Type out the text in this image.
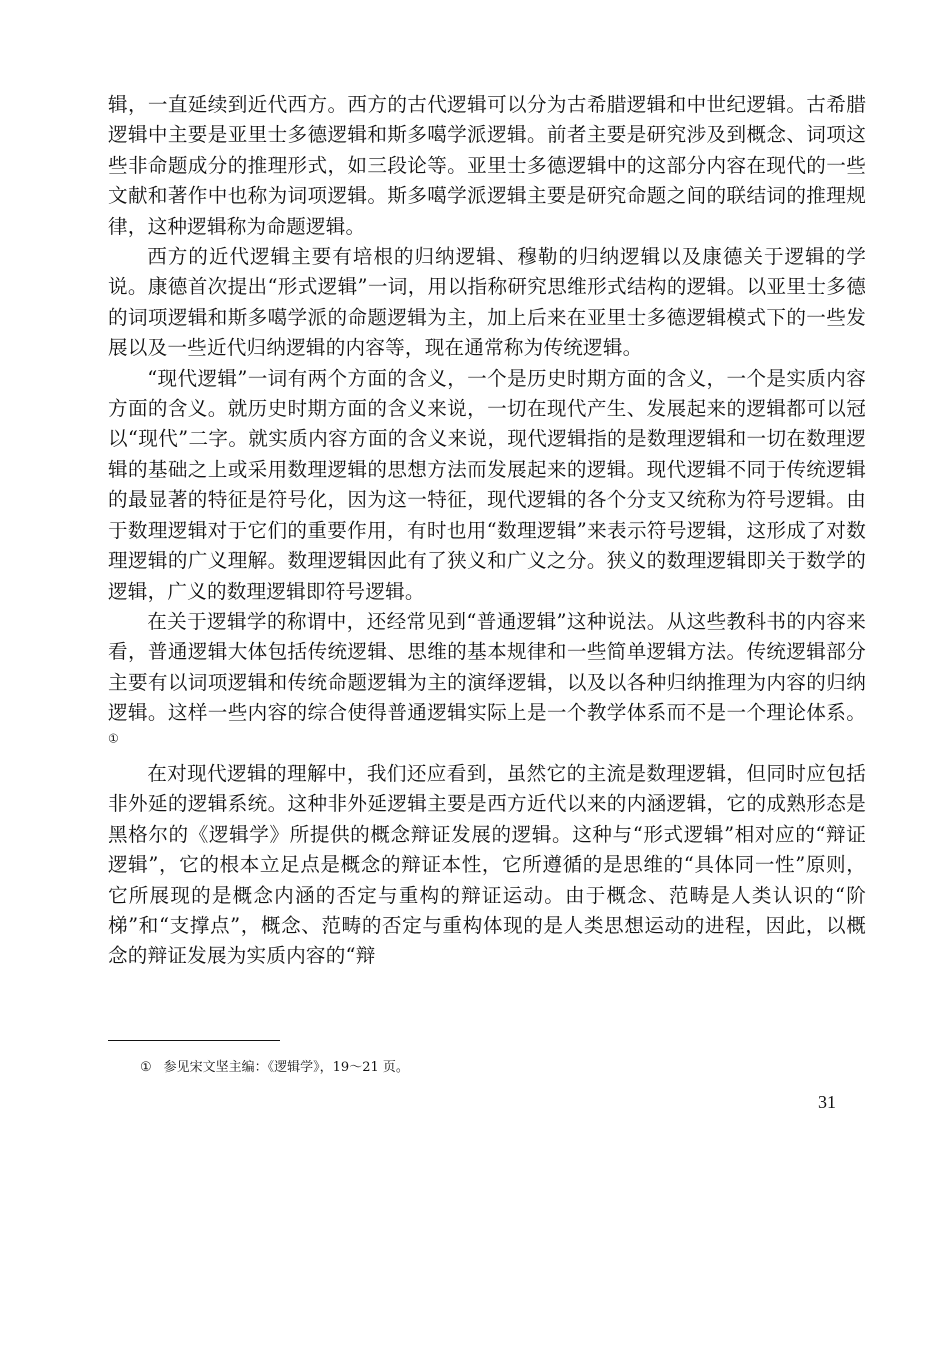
辑，一直延续到近代西方。西方的古代逻辑可以分为古希腊逻辑和中世纪逻辑。古希腊逻辑中主要是亚里士多德逻辑和斯多噶学派逻辑。前者主要是研究涉及到概念、词项这些非命题成分的推理形式，如三段论等。亚里士多德逻辑中的这部分内容在现代的一些文献和著作中也称为词项逻辑。斯多噶学派逻辑主要是研究命题之间的联结词的推理规律，这种逻辑称为命题逻辑。

西方的近代逻辑主要有培根的归纳逻辑、穆勒的归纳逻辑以及康德关于逻辑的学说。康德首次提出“形式逻辑”一词，用以指称研究思维形式结构的逻辑。以亚里士多德的词项逻辑和斯多噶学派的命题逻辑为主，加上后来在亚里士多德逻辑模式下的一些发展以及一些近代归纳逻辑的内容等，现在通常称为传统逻辑。

“现代逻辑”一词有两个方面的含义，一个是历史时期方面的含义，一个是实质内容方面的含义。就历史时期方面的含义来说，一切在现代产生、发展起来的逻辑都可以冠以“现代”二字。就实质内容方面的含义来说，现代逻辑指的是数理逻辑和一切在数理逻辑的基础之上或采用数理逻辑的思想方法而发展起来的逻辑。现代逻辑不同于传统逻辑的最显著的特征是符号化，因为这一特征，现代逻辑的各个分支又统称为符号逻辑。由于数理逻辑对于它们的重要作用，有时也用“数理逻辑”来表示符号逻辑，这形成了对数理逻辑的广义理解。数理逻辑因此有了狭义和广义之分。狭义的数理逻辑即关于数学的逻辑，广义的数理逻辑即符号逻辑。

在关于逻辑学的称谓中，还经常见到“普通逻辑”这种说法。从这些教科书的内容来看，普通逻辑大体包括传统逻辑、思维的基本规律和一些简单逻辑方法。传统逻辑部分主要有以词项逻辑和传统命题逻辑为主的演绎逻辑，以及以各种归纳推理为内容的归纳逻辑。这样一些内容的综合使得普通逻辑实际上是一个教学体系而不是一个理论体系。①

在对现代逻辑的理解中，我们还应看到，虽然它的主流是数理逻辑，但同时应包括非外延的逻辑系统。这种非外延逻辑主要是西方近代以来的内涵逻辑，它的成熟形态是黑格尔的《逻辑学》所提供的概念辩证发展的逻辑。这种与“形式逻辑”相对应的“辩证逻辑”，它的根本立足点是概念的辩证本性，它所遵循的是思维的“具体同一性”原则，它所展现的是概念内涵的否定与重构的辩证运动。由于概念、范畴是人类认识的“阶梯”和“支撑点”，概念、范畴的否定与重构体现的是人类思想运动的进程，因此，以概念的辩证发展为实质内容的“辩

① 参见宋文坚主编：《逻辑学》，19～21 页。
31
